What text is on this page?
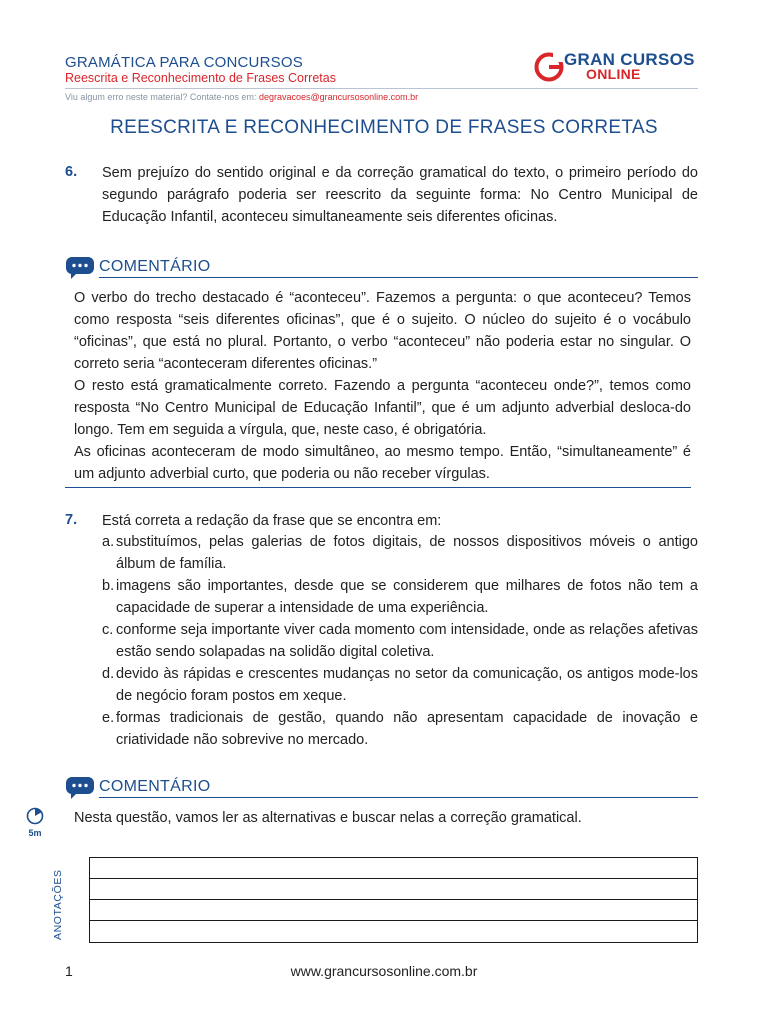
GRAMÁTICA PARA CONCURSOS
Reescrita e Reconhecimento de Frases Corretas
Viu algum erro neste material? Contate-nos em: degravacoes@grancursosonline.com.br
GRAN CURSOS
ONLINE
REESCRITA E RECONHECIMENTO DE FRASES CORRETAS
6. Sem prejuízo do sentido original e da correção gramatical do texto, o primeiro período do segundo parágrafo poderia ser reescrito da seguinte forma: No Centro Municipal de Educação Infantil, aconteceu simultaneamente seis diferentes oficinas.
COMENTÁRIO
O verbo do trecho destacado é “aconteceu”. Fazemos a pergunta: o que aconteceu? Temos como resposta “seis diferentes oficinas”, que é o sujeito. O núcleo do sujeito é o vocábulo “oficinas”, que está no plural. Portanto, o verbo “aconteceu” não poderia estar no singular. O correto seria “aconteceram diferentes oficinas.”
O resto está gramaticalmente correto. Fazendo a pergunta “aconteceu onde?”, temos como resposta “No Centro Municipal de Educação Infantil”, que é um adjunto adverbial desloca-do longo. Tem em seguida a vírgula, que, neste caso, é obrigatória.
As oficinas aconteceram de modo simultâneo, ao mesmo tempo. Então, “simultaneamente” é um adjunto adverbial curto, que poderia ou não receber vírgulas.
7. Está correta a redação da frase que se encontra em:
a. substituímos, pelas galerias de fotos digitais, de nossos dispositivos móveis o antigo álbum de família.
b. imagens são importantes, desde que se considerem que milhares de fotos não tem a capacidade de superar a intensidade de uma experiência.
c. conforme seja importante viver cada momento com intensidade, onde as relações afetivas estão sendo solapadas na solidão digital coletiva.
d. devido às rápidas e crescentes mudanças no setor da comunicação, os antigos mode-los de negócio foram postos em xeque.
e. formas tradicionais de gestão, quando não apresentam capacidade de inovação e criatividade não sobrevive no mercado.
COMENTÁRIO
Nesta questão, vamos ler as alternativas e buscar nelas a correção gramatical.
5m
ANOTAÇÕES
1	www.grancursosonline.com.br
